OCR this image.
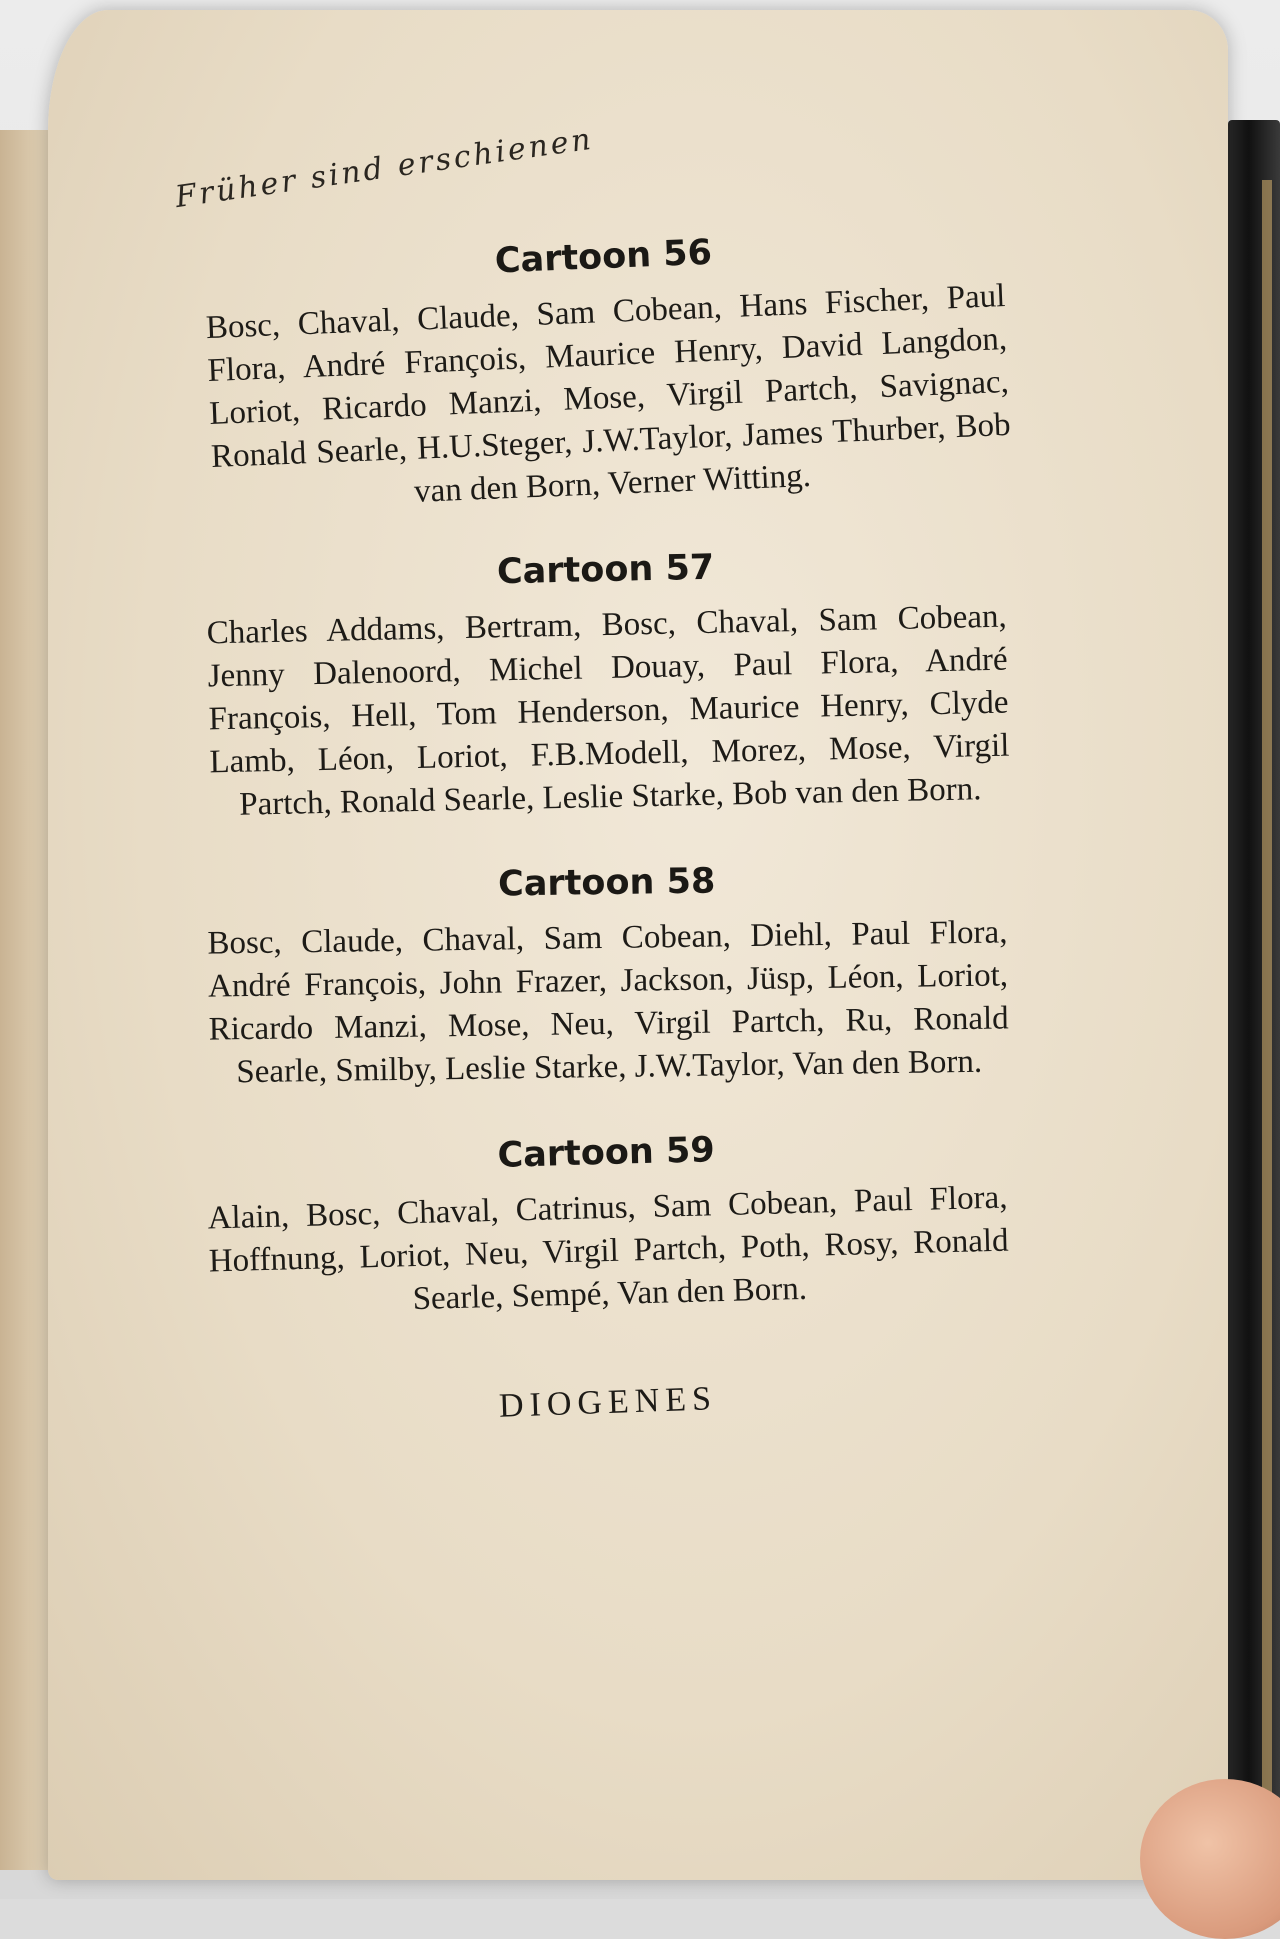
Früher sind erschienen
Cartoon 56
Bosc, Chaval, Claude, Sam Cobean, Hans Fischer, Paul Flora, André François, Maurice Henry, David Langdon, Loriot, Ricardo Manzi, Mose, Virgil Partch, Savignac, Ronald Searle, H.U.Steger, J.W.Taylor, James Thurber, Bob van den Born, Verner Witting.
Cartoon 57
Charles Addams, Bertram, Bosc, Chaval, Sam Cobean, Jenny Dalenoord, Michel Douay, Paul Flora, André François, Hell, Tom Henderson, Maurice Henry, Clyde Lamb, Léon, Loriot, F.B.Modell, Morez, Mose, Virgil Partch, Ronald Searle, Leslie Starke, Bob van den Born.
Cartoon 58
Bosc, Claude, Chaval, Sam Cobean, Diehl, Paul Flora, André François, John Frazer, Jackson, Jüsp, Léon, Loriot, Ricardo Manzi, Mose, Neu, Virgil Partch, Ru, Ronald Searle, Smilby, Leslie Starke, J.W.Taylor, Van den Born.
Cartoon 59
Alain, Bosc, Chaval, Catrinus, Sam Cobean, Paul Flora, Hoffnung, Loriot, Neu, Virgil Partch, Poth, Rosy, Ronald Searle, Sempé, Van den Born.
DIOGENES
